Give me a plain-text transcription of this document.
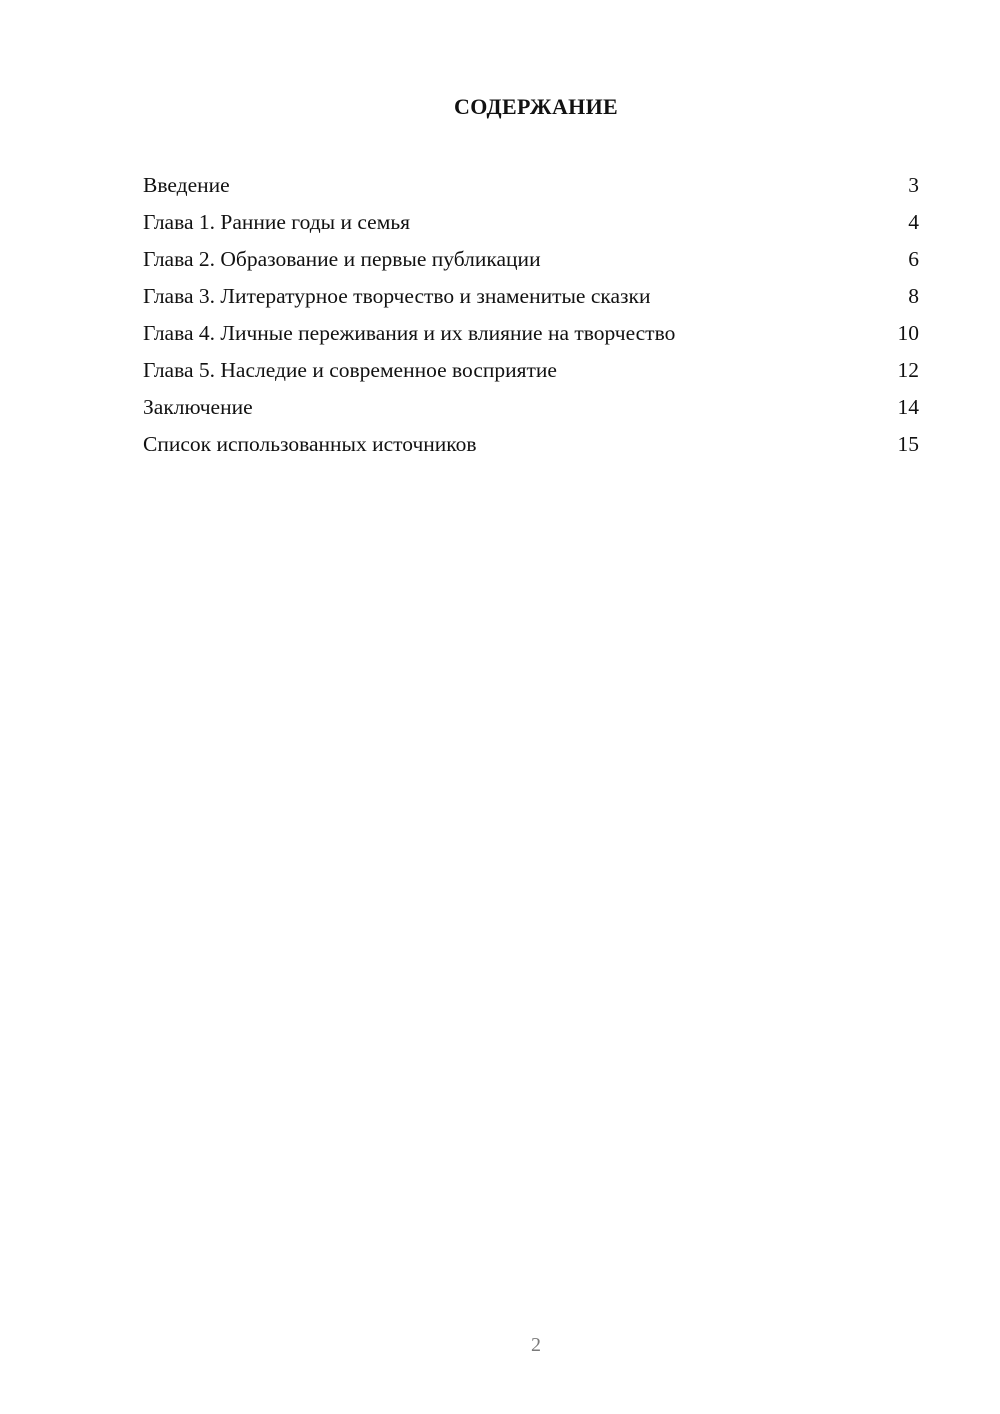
СОДЕРЖАНИЕ
Введение	3
Глава 1. Ранние годы и семья	4
Глава 2. Образование и первые публикации	6
Глава 3. Литературное творчество и знаменитые сказки	8
Глава 4. Личные переживания и их влияние на творчество	10
Глава 5. Наследие и современное восприятие	12
Заключение	14
Список использованных источников	15
2
